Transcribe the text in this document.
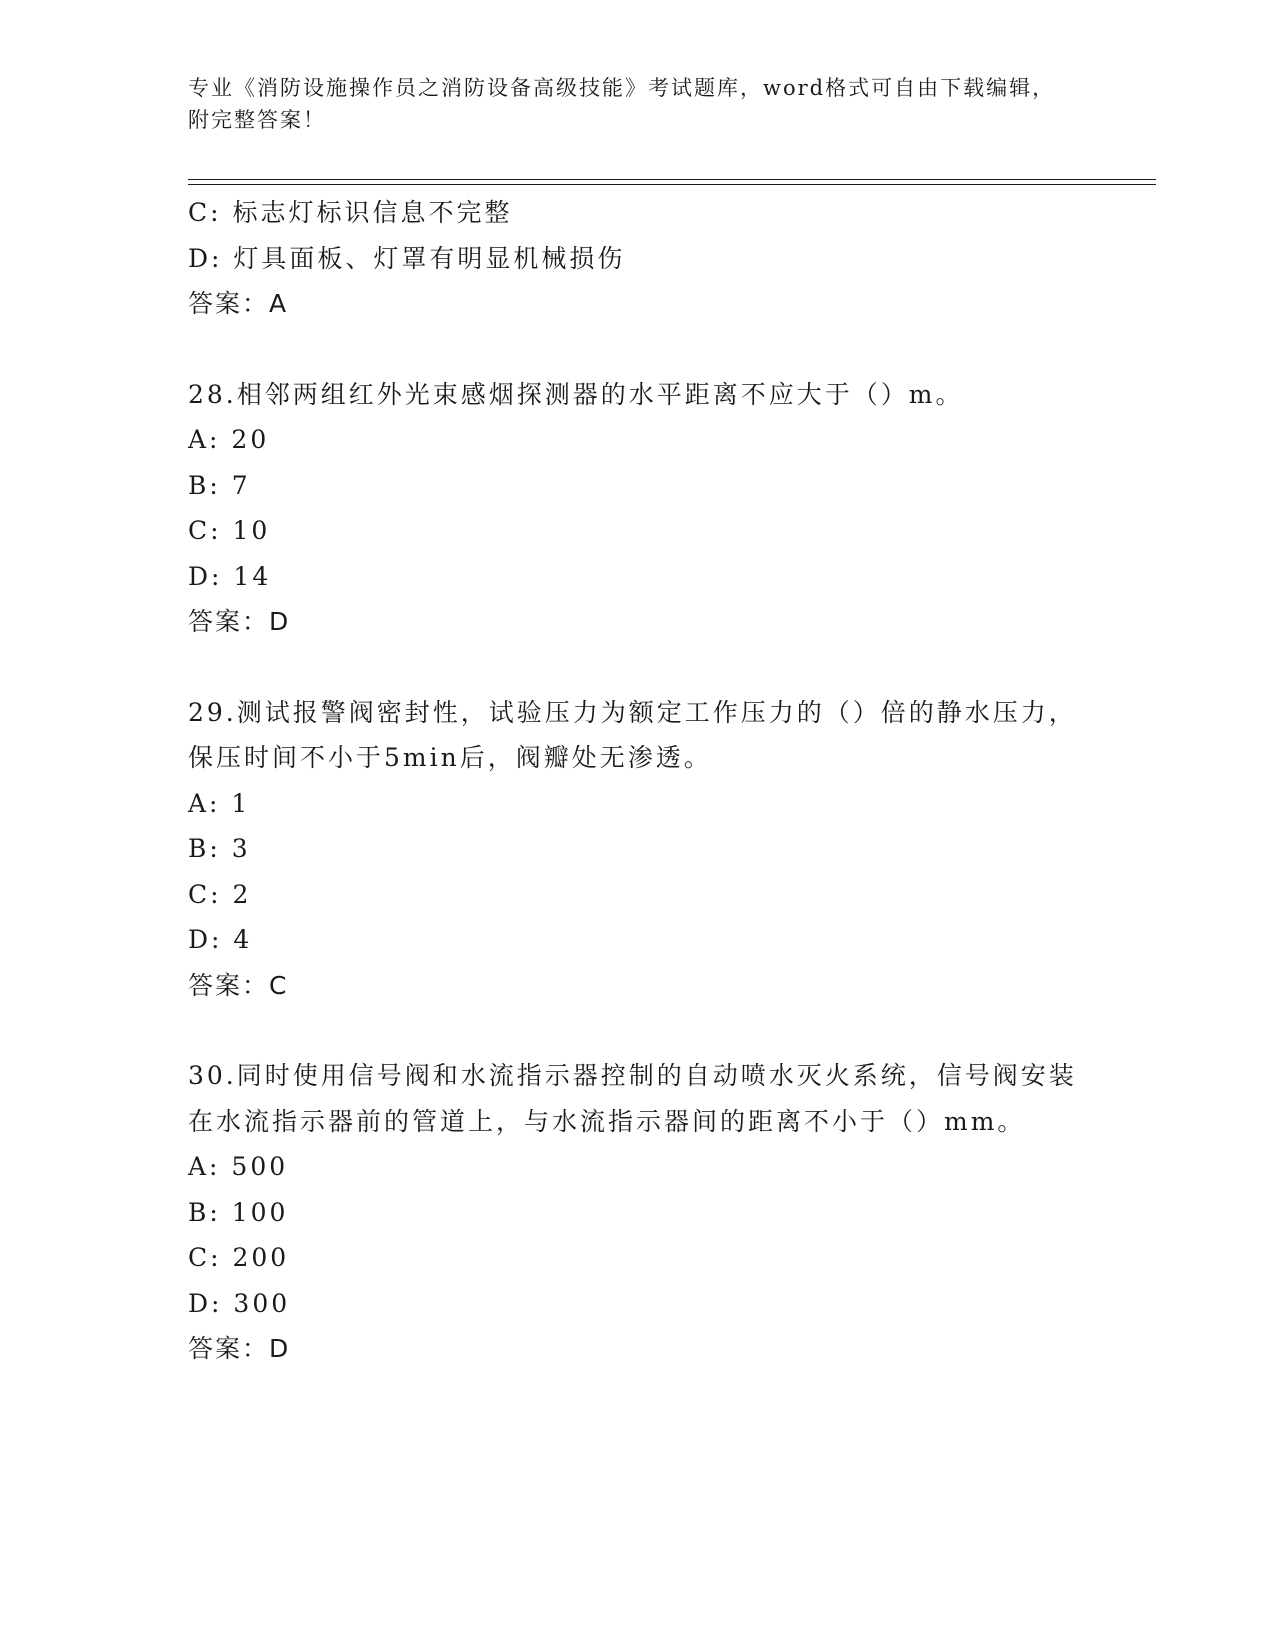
专业《消防设施操作员之消防设备高级技能》考试题库，word格式可自由下载编辑，附完整答案！
C: 标志灯标识信息不完整
D: 灯具面板、灯罩有明显机械损伤
答案：A
28.相邻两组红外光束感烟探测器的水平距离不应大于（）m。
A: 20
B: 7
C: 10
D: 14
答案：D
29.测试报警阀密封性，试验压力为额定工作压力的（）倍的静水压力，保压时间不小于5min后，阀瓣处无渗透。
A: 1
B: 3
C: 2
D: 4
答案：C
30.同时使用信号阀和水流指示器控制的自动喷水灭火系统，信号阀安装在水流指示器前的管道上，与水流指示器间的距离不小于（）mm。
A: 500
B: 100
C: 200
D: 300
答案：D
